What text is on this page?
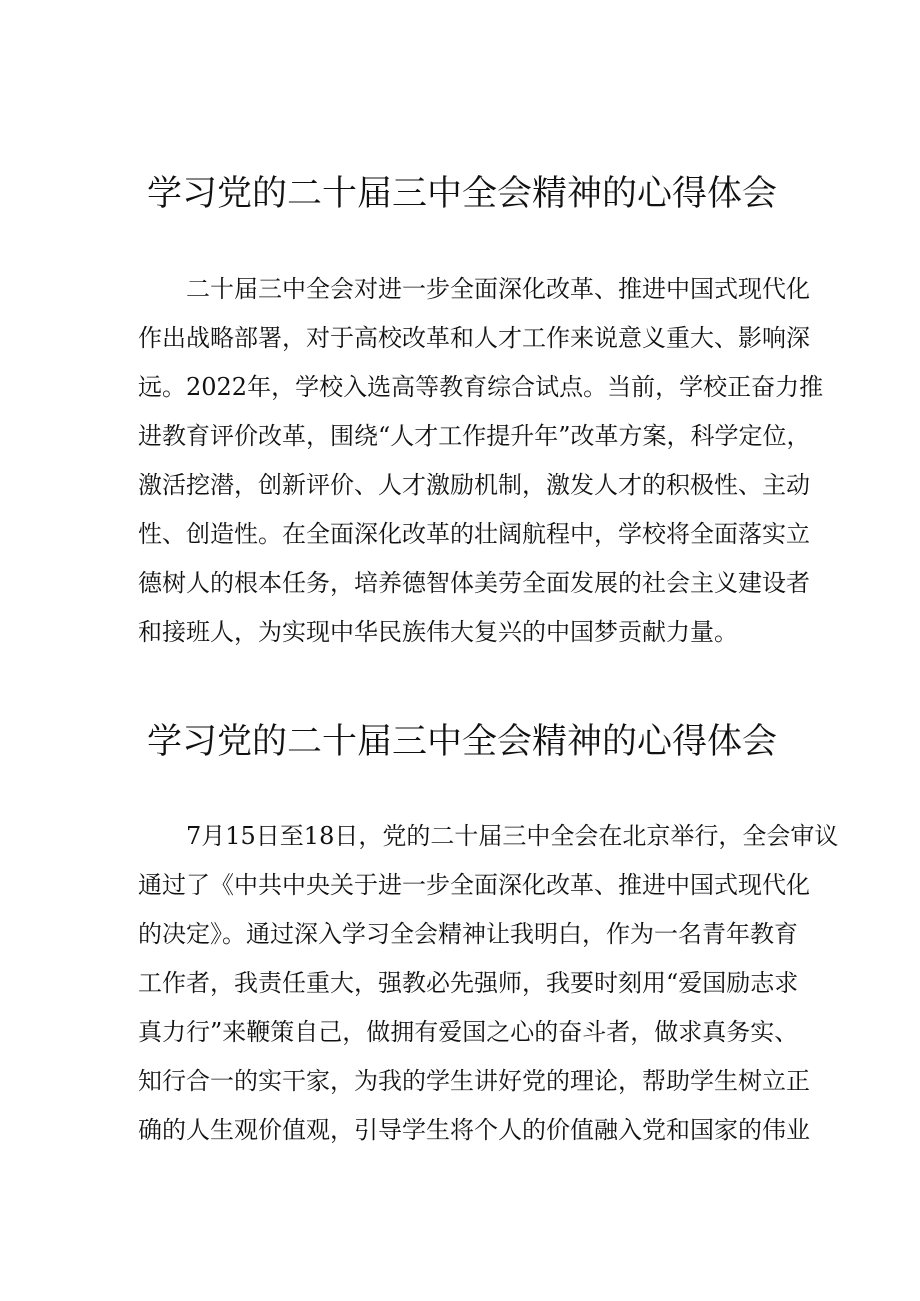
学习党的二十届三中全会精神的心得体会
二十届三中全会对进一步全面深化改革、推进中国式现代化
作出战略部署，对于高校改革和人才工作来说意义重大、影响深
远。2022年，学校入选高等教育综合试点。当前，学校正奋力推
进教育评价改革，围绕“人才工作提升年”改革方案，科学定位，
激活挖潜，创新评价、人才激励机制，激发人才的积极性、主动
性、创造性。在全面深化改革的壮阔航程中，学校将全面落实立
德树人的根本任务，培养德智体美劳全面发展的社会主义建设者
和接班人，为实现中华民族伟大复兴的中国梦贡献力量。
学习党的二十届三中全会精神的心得体会
7月15日至18日，党的二十届三中全会在北京举行，全会审议
通过了《中共中央关于进一步全面深化改革、推进中国式现代化
的决定》。通过深入学习全会精神让我明白，作为一名青年教育
工作者，我责任重大，强教必先强师，我要时刻用“爱国励志求
真力行”来鞭策自己，做拥有爱国之心的奋斗者，做求真务实、
知行合一的实干家，为我的学生讲好党的理论，帮助学生树立正
确的人生观价值观，引导学生将个人的价值融入党和国家的伟业
